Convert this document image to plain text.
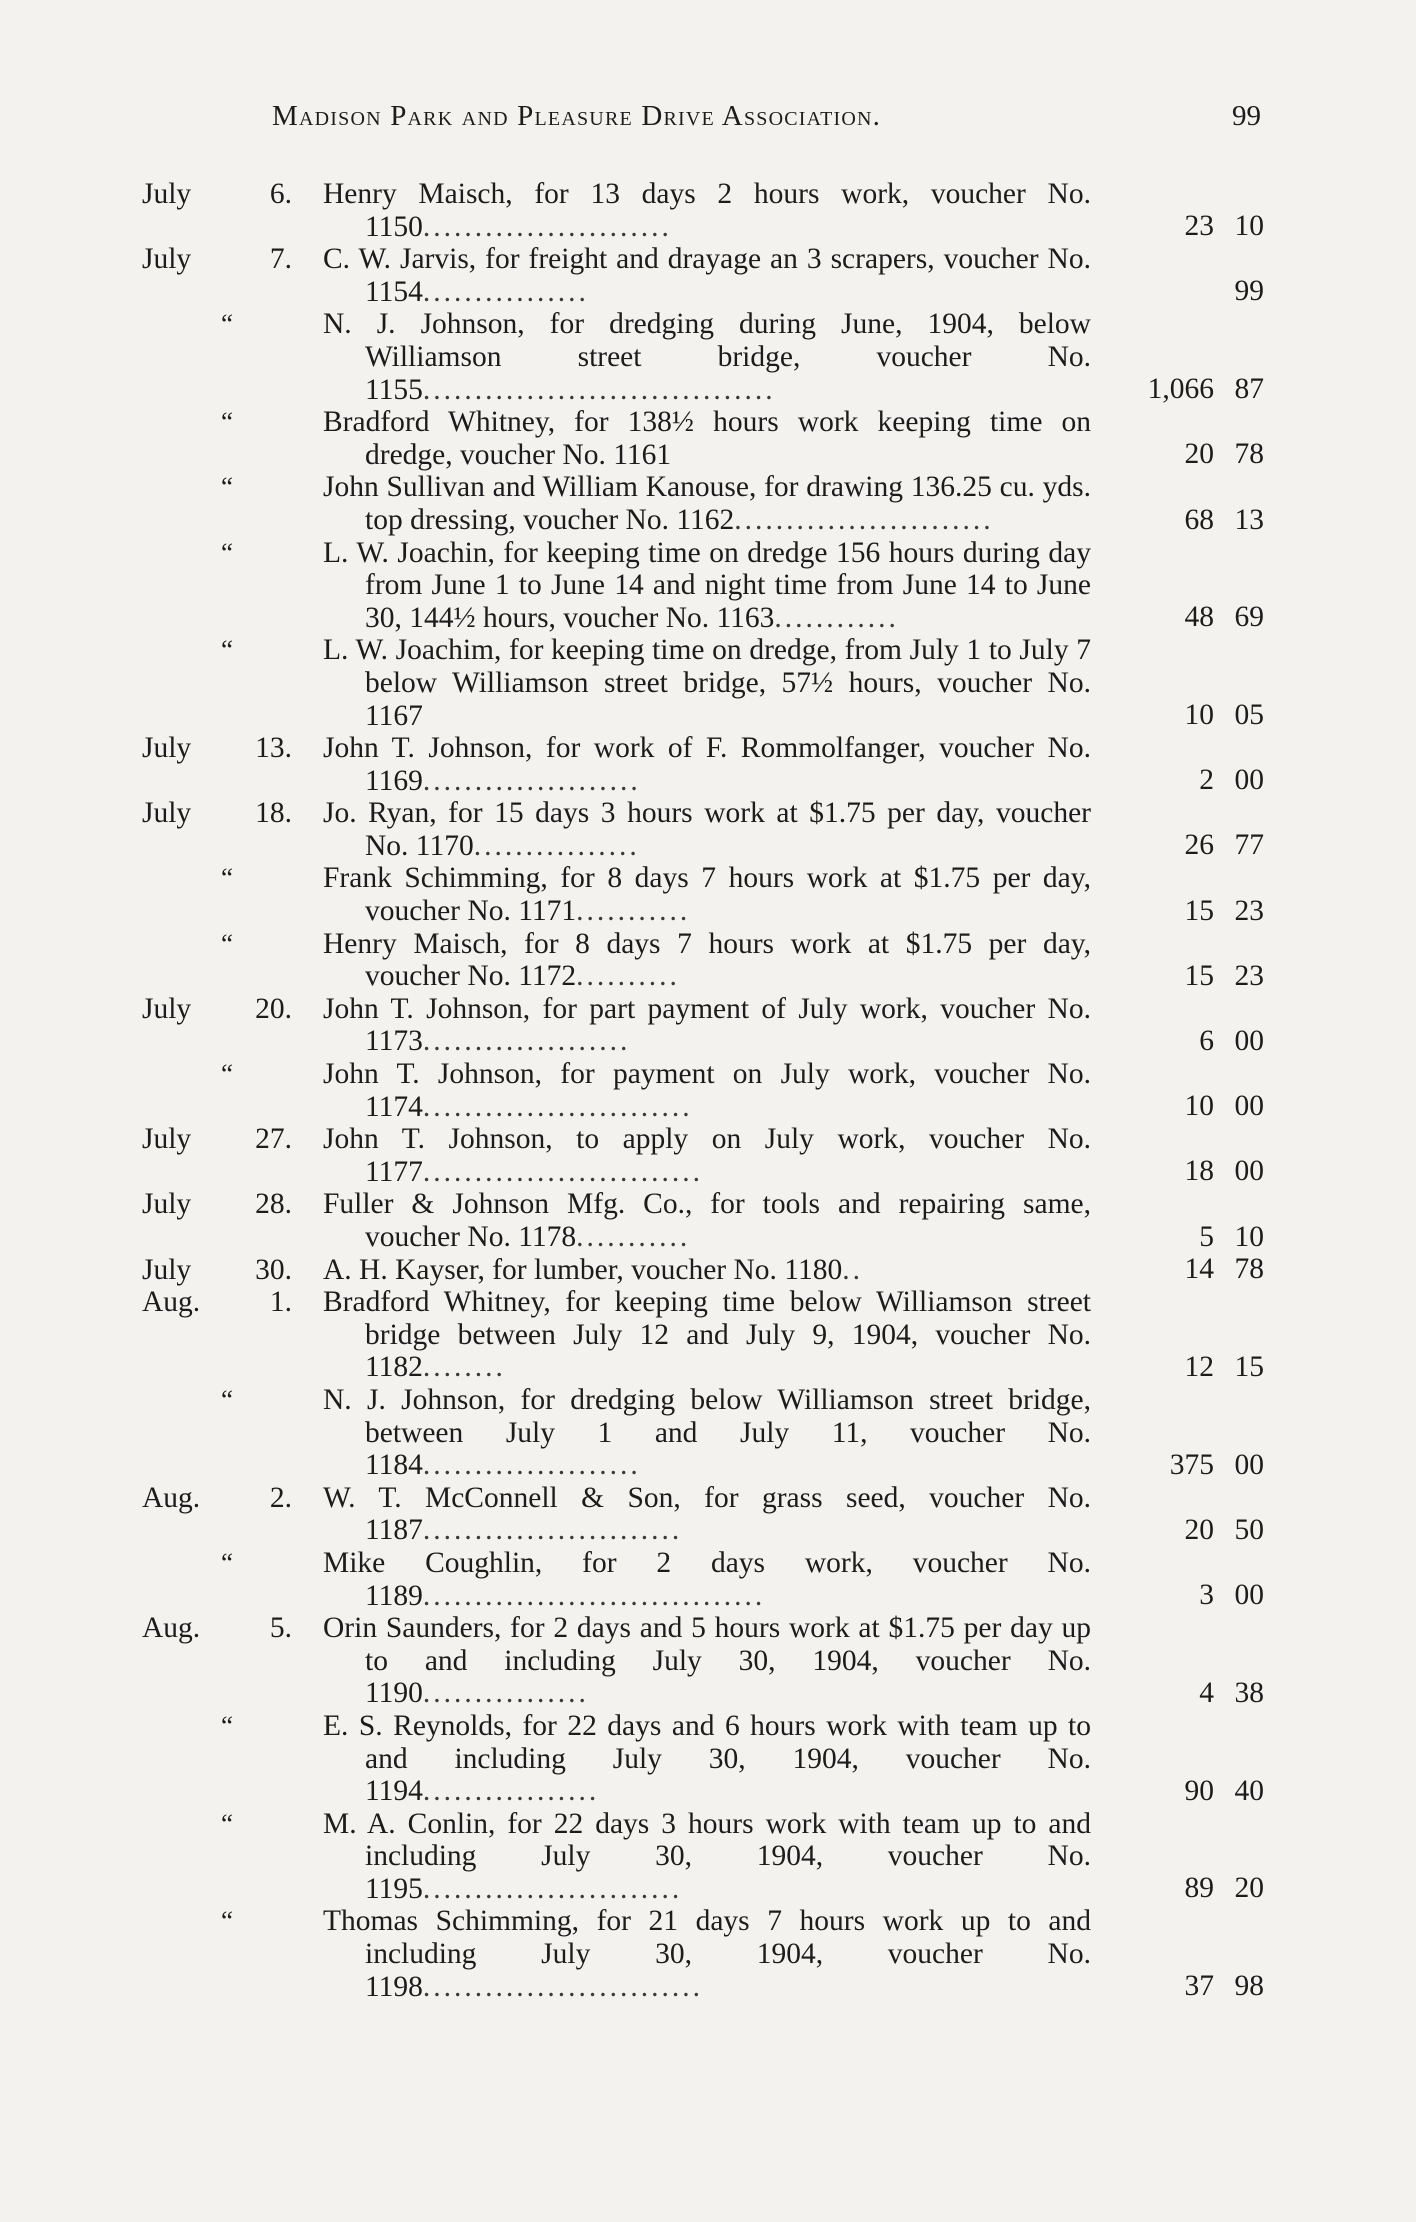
Madison Park and Pleasure Drive Association.	99
July	6. Henry Maisch, for 13 days 2 hours work, voucher No. 1150........................	23 10
July	7. C. W. Jarvis, for freight and drayage an 3 scrapers, voucher No. 1154................	99
“	N. J. Johnson, for dredging during June, 1904, below Williamson street bridge, voucher No. 1155..................................	1,066 87
“	Bradford Whitney, for 138½ hours work keeping time on dredge, voucher No. 1161	20 78
“	John Sullivan and William Kanouse, for drawing 136.25 cu. yds. top dressing, voucher No. 1162.........................	68 13
“	L. W. Joachin, for keeping time on dredge 156 hours during day from June 1 to June 14 and night time from June 14 to June 30, 144½ hours, voucher No. 1163............	48 69
“	L. W. Joachim, for keeping time on dredge, from July 1 to July 7 below Williamson street bridge, 57½ hours, voucher No. 1167	10 05
July 13. John T. Johnson, for work of F. Rommolfanger, voucher No. 1169.....................	2 00
July 18. Jo. Ryan, for 15 days 3 hours work at $1.75 per day, voucher No. 1170................	26 77
“	Frank Schimming, for 8 days 7 hours work at $1.75 per day, voucher No. 1171...........	15 23
“	Henry Maisch, for 8 days 7 hours work at $1.75 per day, voucher No. 1172..........	15 23
July 20. John T. Johnson, for part payment of July work, voucher No. 1173....................	6 00
“	John T. Johnson, for payment on July work, voucher No. 1174..........................	10 00
July 27. John T. Johnson, to apply on July work, voucher No. 1177...........................	18 00
July 28. Fuller & Johnson Mfg. Co., for tools and repairing same, voucher No. 1178...........	5 10
July 30. A. H. Kayser, for lumber, voucher No. 1180..	14 78
Aug. 1. Bradford Whitney, for keeping time below Williamson street bridge between July 12 and July 9, 1904, voucher No. 1182........	12 15
“	N. J. Johnson, for dredging below Williamson street bridge, between July 1 and July 11, voucher No. 1184.....................	375 00
Aug. 2. W. T. McConnell & Son, for grass seed, voucher No. 1187.........................	20 50
“	Mike Coughlin, for 2 days work, voucher No. 1189.................................	3 00
Aug. 5. Orin Saunders, for 2 days and 5 hours work at $1.75 per day up to and including July 30, 1904, voucher No. 1190................	4 38
“	E. S. Reynolds, for 22 days and 6 hours work with team up to and including July 30, 1904, voucher No. 1194.................	90 40
“	M. A. Conlin, for 22 days 3 hours work with team up to and including July 30, 1904, voucher No. 1195.........................	89 20
“	Thomas Schimming, for 21 days 7 hours work up to and including July 30, 1904, voucher No. 1198...........................	37 98
